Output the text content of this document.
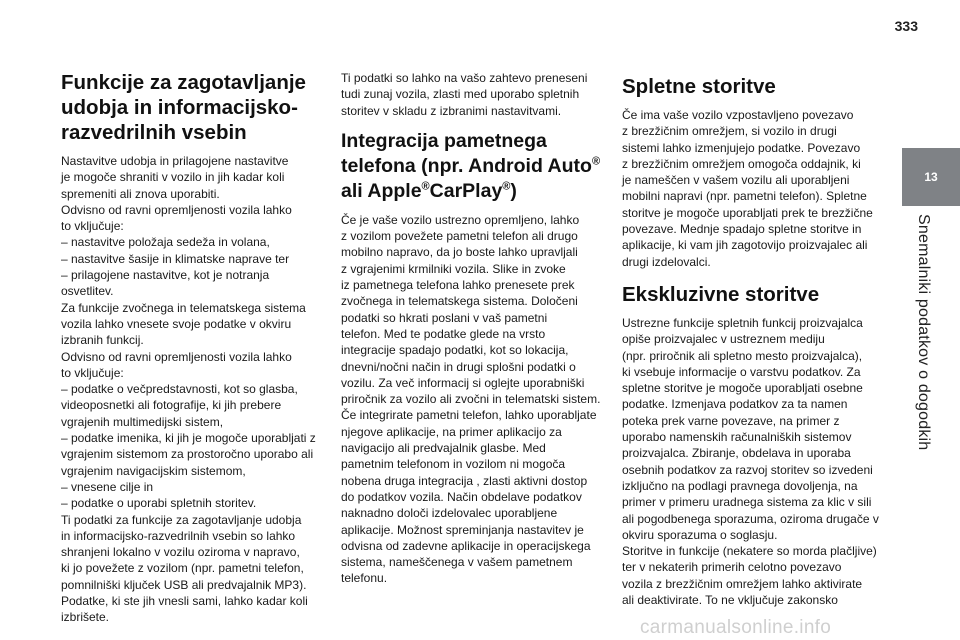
333
13
Snemalniki podatkov o dogodkih
Funkcije za zagotavljanje udobja in informacijsko-razvedrilnih vsebin
Nastavitve udobja in prilagojene nastavitve
je mogoče shraniti v vozilo in jih kadar koli
spremeniti ali znova uporabiti.
Odvisno od ravni opremljenosti vozila lahko
to vključuje:
– nastavitve položaja sedeža in volana,
– nastavitve šasije in klimatske naprave ter
– prilagojene nastavitve, kot je notranja
osvetlitev.
Za funkcije zvočnega in telematskega sistema
vozila lahko vnesete svoje podatke v okviru
izbranih funkcij.
Odvisno od ravni opremljenosti vozila lahko
to vključuje:
– podatke o večpredstavnosti, kot so glasba,
videoposnetki ali fotografije, ki jih prebere
vgrajenih multimedijski sistem,
– podatke imenika, ki jih je mogoče uporabljati z
vgrajenim sistemom za prostoročno uporabo ali
vgrajenim navigacijskim sistemom,
– vnesene cilje in
– podatke o uporabi spletnih storitev.
Ti podatki za funkcije za zagotavljanje udobja
in informacijsko-razvedrilnih vsebin so lahko
shranjeni lokalno v vozilu oziroma v napravo,
ki jo povežete z vozilom (npr. pametni telefon,
pomnilniški ključek USB ali predvajalnik MP3).
Podatke, ki ste jih vnesli sami, lahko kadar koli
izbrišete.
Ti podatki so lahko na vašo zahtevo preneseni
tudi zunaj vozila, zlasti med uporabo spletnih
storitev v skladu z izbranimi nastavitvami.
Integracija pametnega telefona (npr. Android Auto® ali Apple®CarPlay®)
Če je vaše vozilo ustrezno opremljeno, lahko
z vozilom povežete pametni telefon ali drugo
mobilno napravo, da jo boste lahko upravljali
z vgrajenimi krmilniki vozila. Slike in zvoke
iz pametnega telefona lahko prenesete prek
zvočnega in telematskega sistema. Določeni
podatki so hkrati poslani v vaš pametni
telefon. Med te podatke glede na vrsto
integracije spadajo podatki, kot so lokacija,
dnevni/nočni način in drugi splošni podatki o
vozilu. Za več informacij si oglejte uporabniški
priročnik za vozilo ali zvočni in telematski sistem.
Če integrirate pametni telefon, lahko uporabljate
njegove aplikacije, na primer aplikacijo za
navigacijo ali predvajalnik glasbe. Med
pametnim telefonom in vozilom ni mogoča
nobena druga integracija , zlasti aktivni dostop
do podatkov vozila. Način obdelave podatkov
naknadno določi izdelovalec uporabljene
aplikacije. Možnost spreminjanja nastavitev je
odvisna od zadevne aplikacije in operacijskega
sistema, nameščenega v vašem pametnem
telefonu.
Spletne storitve
Če ima vaše vozilo vzpostavljeno povezavo
z brezžičnim omrežjem, si vozilo in drugi
sistemi lahko izmenjujejo podatke. Povezavo
z brezžičnim omrežjem omogoča oddajnik, ki
je nameščen v vašem vozilu ali uporabljeni
mobilni napravi (npr. pametni telefon). Spletne
storitve je mogoče uporabljati prek te brezžične
povezave. Mednje spadajo spletne storitve in
aplikacije, ki vam jih zagotovijo proizvajalec ali
drugi izdelovalci.
Ekskluzivne storitve
Ustrezne funkcije spletnih funkcij proizvajalca
opiše proizvajalec v ustreznem mediju
(npr. priročnik ali spletno mesto proizvajalca),
ki vsebuje informacije o varstvu podatkov. Za
spletne storitve je mogoče uporabljati osebne
podatke. Izmenjava podatkov za ta namen
poteka prek varne povezave, na primer z
uporabo namenskih računalniških sistemov
proizvajalca. Zbiranje, obdelava in uporaba
osebnih podatkov za razvoj storitev so izvedeni
izključno na podlagi pravnega dovoljenja, na
primer v primeru uradnega sistema za klic v sili
ali pogodbenega sporazuma, oziroma drugače v
okviru sporazuma o soglasju.
Storitve in funkcije (nekatere so morda plačljive)
ter v nekaterih primerih celotno povezavo
vozila z brezžičnim omrežjem lahko aktivirate
ali deaktivirate. To ne vključuje zakonsko
carmanualsonline.info
